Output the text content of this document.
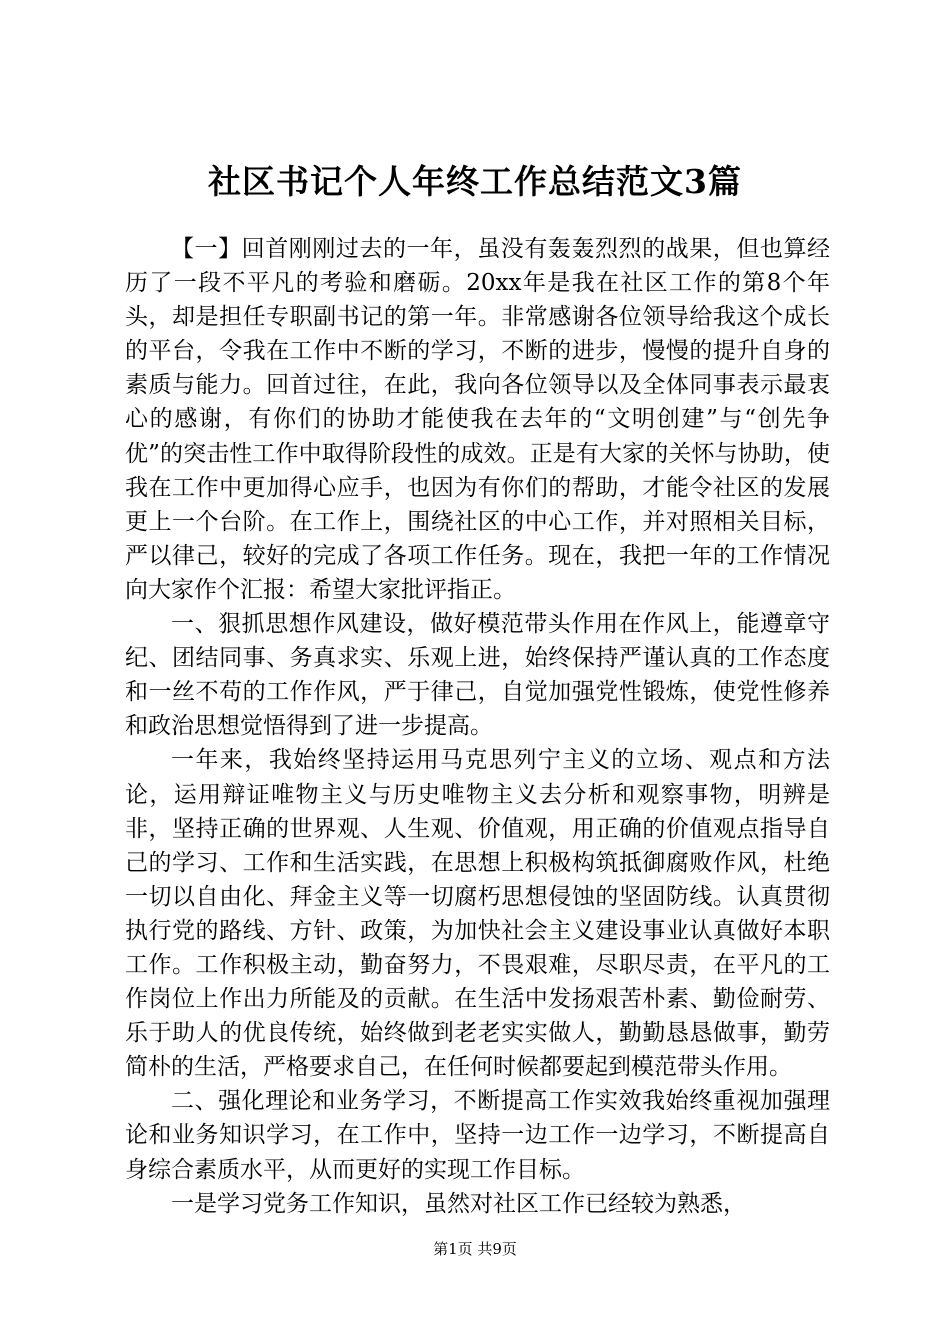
社区书记个人年终工作总结范文3篇

【一】回首刚刚过去的一年，虽没有轰轰烈烈的战果，但也算经历了一段不平凡的考验和磨砺。20xx年是我在社区工作的第8个年头，却是担任专职副书记的第一年。非常感谢各位领导给我这个成长的平台，令我在工作中不断的学习，不断的进步，慢慢的提升自身的素质与能力。回首过往，在此，我向各位领导以及全体同事表示最衷心的感谢，有你们的协助才能使我在去年的“文明创建”与“创先争优”的突击性工作中取得阶段性的成效。正是有大家的关怀与协助，使我在工作中更加得心应手，也因为有你们的帮助，才能令社区的发展更上一个台阶。在工作上，围绕社区的中心工作，并对照相关目标，严以律己，较好的完成了各项工作任务。现在，我把一年的工作情况向大家作个汇报：希望大家批评指正。

一、狠抓思想作风建设，做好模范带头作用在作风上，能遵章守纪、团结同事、务真求实、乐观上进，始终保持严谨认真的工作态度和一丝不苟的工作作风，严于律己，自觉加强党性锻炼，使党性修养和政治思想觉悟得到了进一步提高。

一年来，我始终坚持运用马克思列宁主义的立场、观点和方法论，运用辩证唯物主义与历史唯物主义去分析和观察事物，明辨是非，坚持正确的世界观、人生观、价值观，用正确的价值观点指导自己的学习、工作和生活实践，在思想上积极构筑抵御腐败作风，杜绝一切以自由化、拜金主义等一切腐朽思想侵蚀的坚固防线。认真贯彻执行党的路线、方针、政策，为加快社会主义建设事业认真做好本职工作。工作积极主动，勤奋努力，不畏艰难，尽职尽责，在平凡的工作岗位上作出力所能及的贡献。在生活中发扬艰苦朴素、勤俭耐劳、乐于助人的优良传统，始终做到老老实实做人，勤勤恳恳做事，勤劳简朴的生活，严格要求自己，在任何时候都要起到模范带头作用。

二、强化理论和业务学习，不断提高工作实效我始终重视加强理论和业务知识学习，在工作中，坚持一边工作一边学习，不断提高自身综合素质水平，从而更好的实现工作目标。

一是学习党务工作知识，虽然对社区工作已经较为熟悉，

第1页 共9页
